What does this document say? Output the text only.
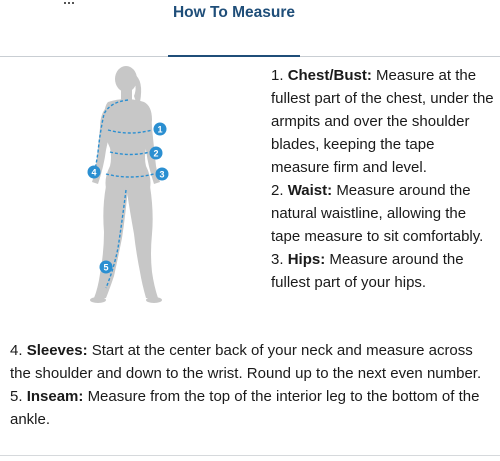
How To Measure
1
2
3
4
5

1. Chest/Bust: Measure at the fullest part of the chest, under the armpits and over the shoulder blades, keeping the tape measure firm and level.

2. Waist: Measure around the natural waistline, allowing the tape measure to sit comfortably.

3. Hips: Measure around the fullest part of your hips.

4. Sleeves: Start at the center back of your neck and measure across the shoulder and down to the wrist. Round up to the next even number.

5. Inseam: Measure from the top of the interior leg to the bottom of the ankle.
